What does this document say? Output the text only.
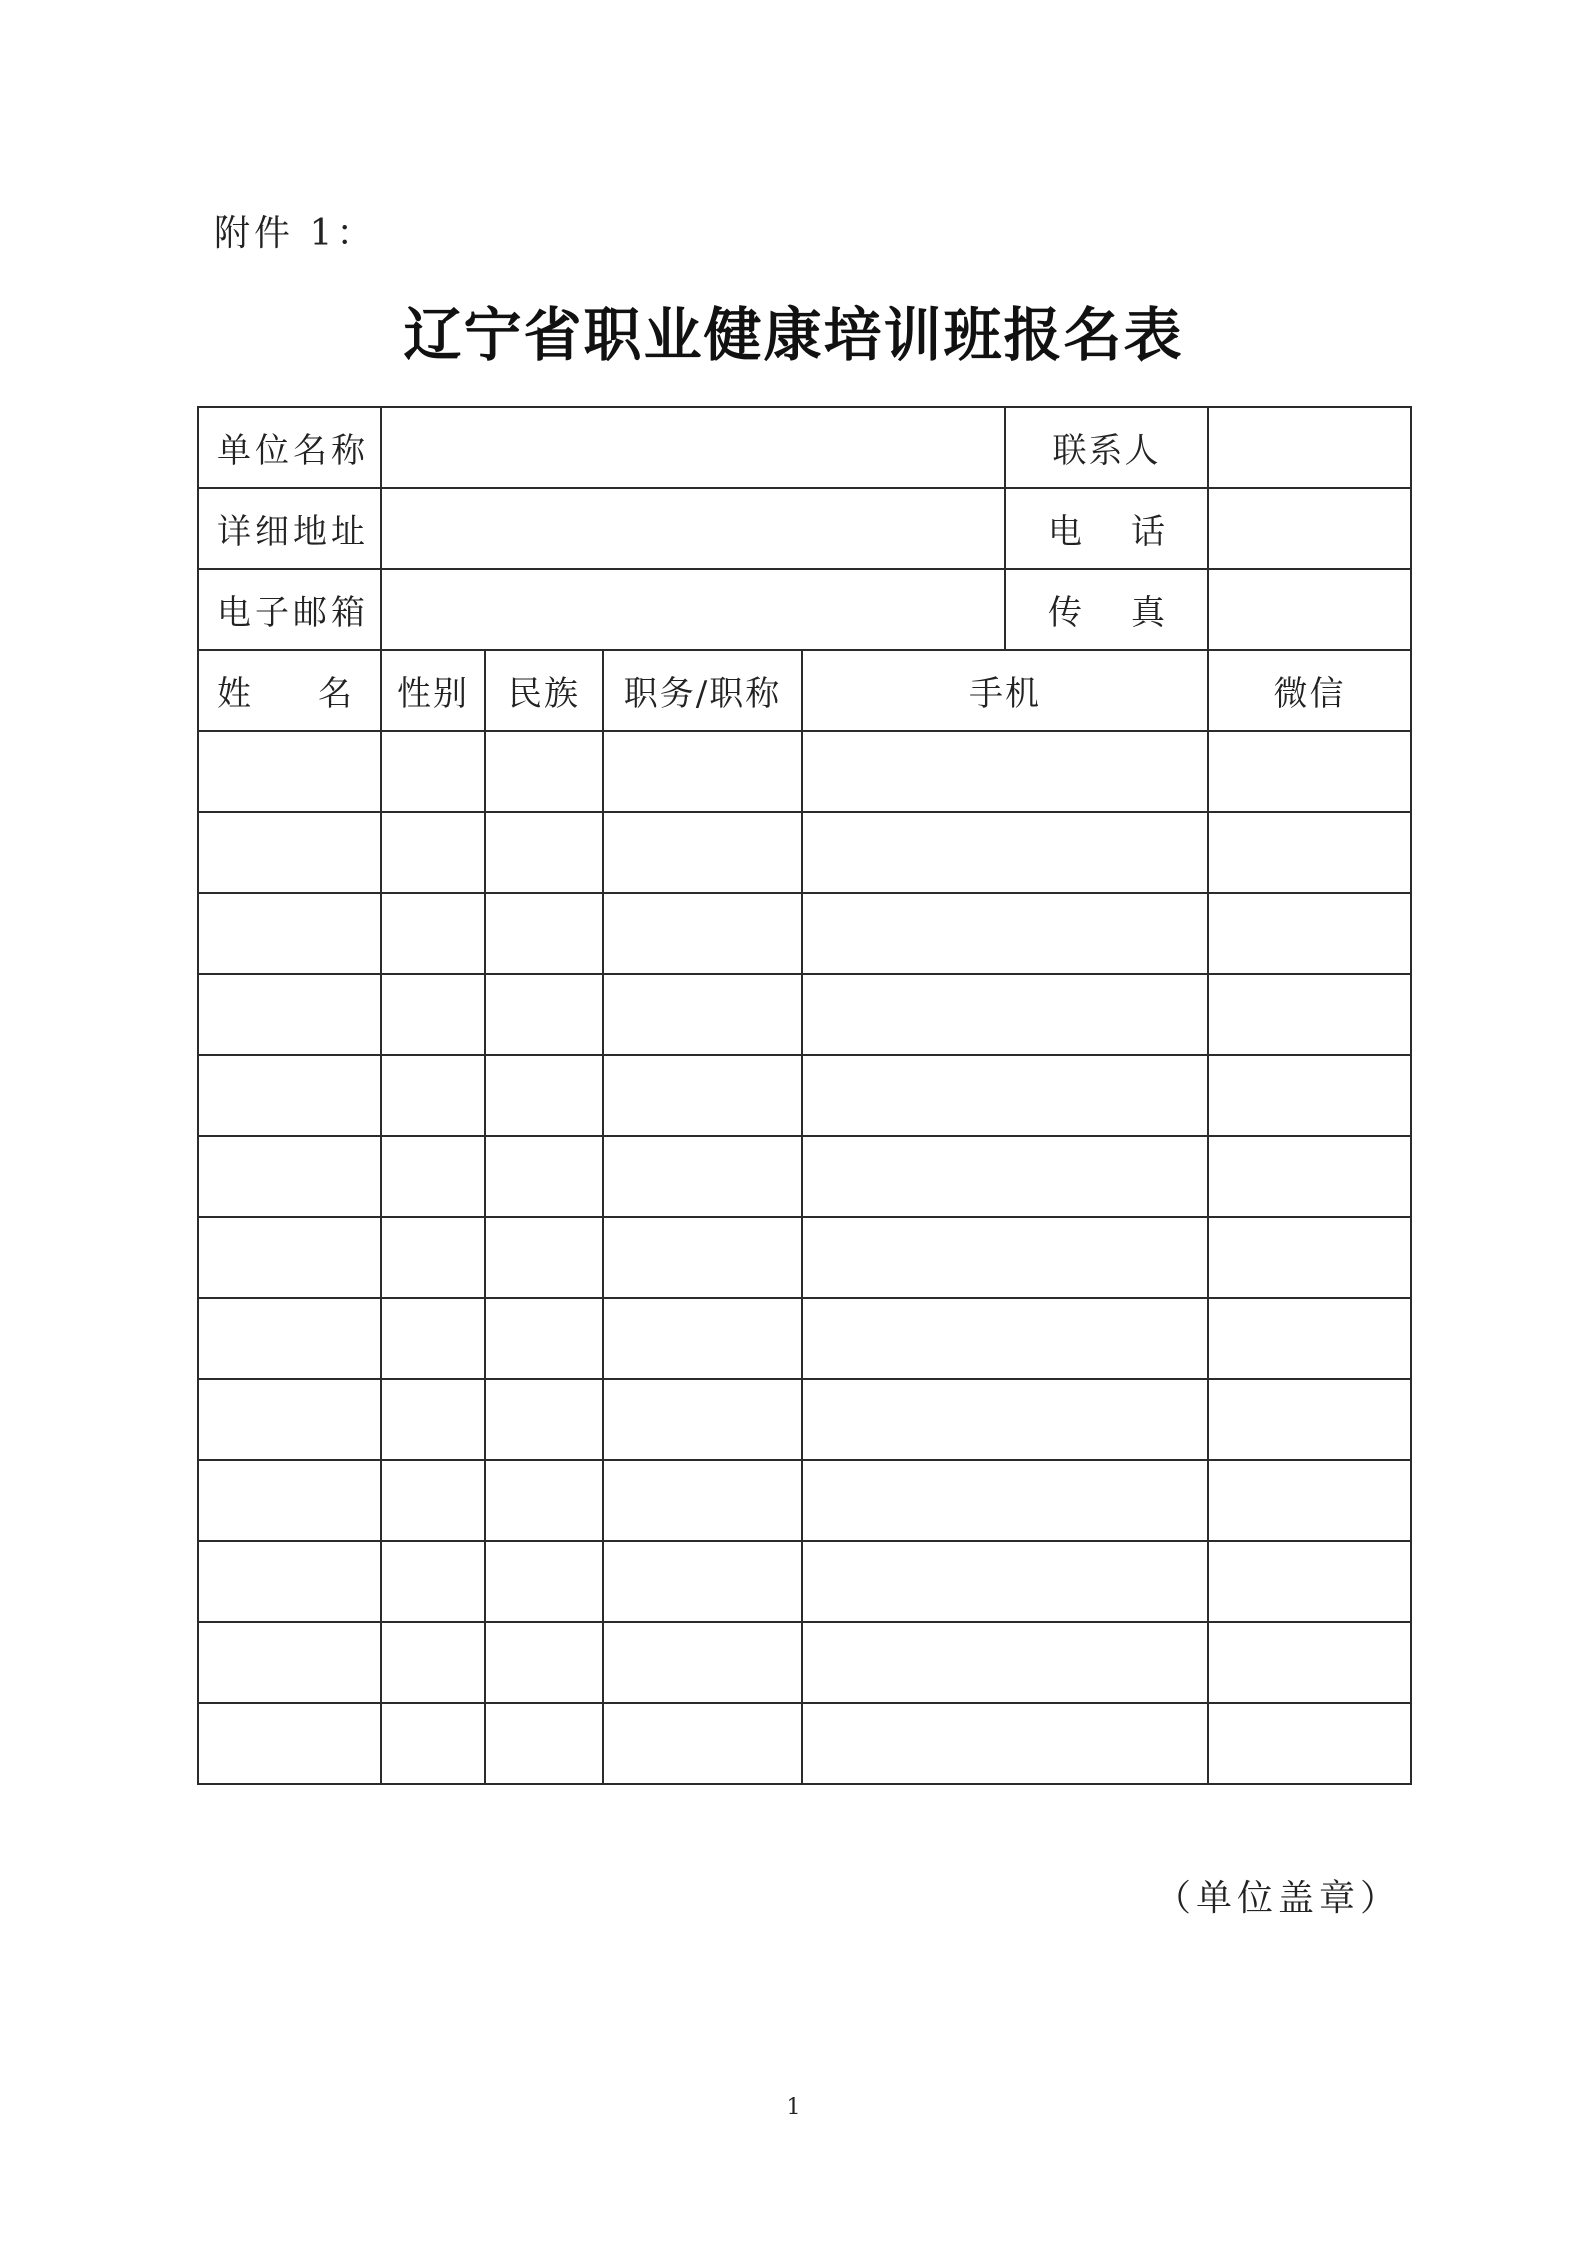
附件 1：
辽宁省职业健康培训班报名表
单位名称					联系人	
详细地址					电 话	

电子邮箱					传 真	

姓 名	性别	民族	职务/职称	手机		微信

（单位盖章）
1
